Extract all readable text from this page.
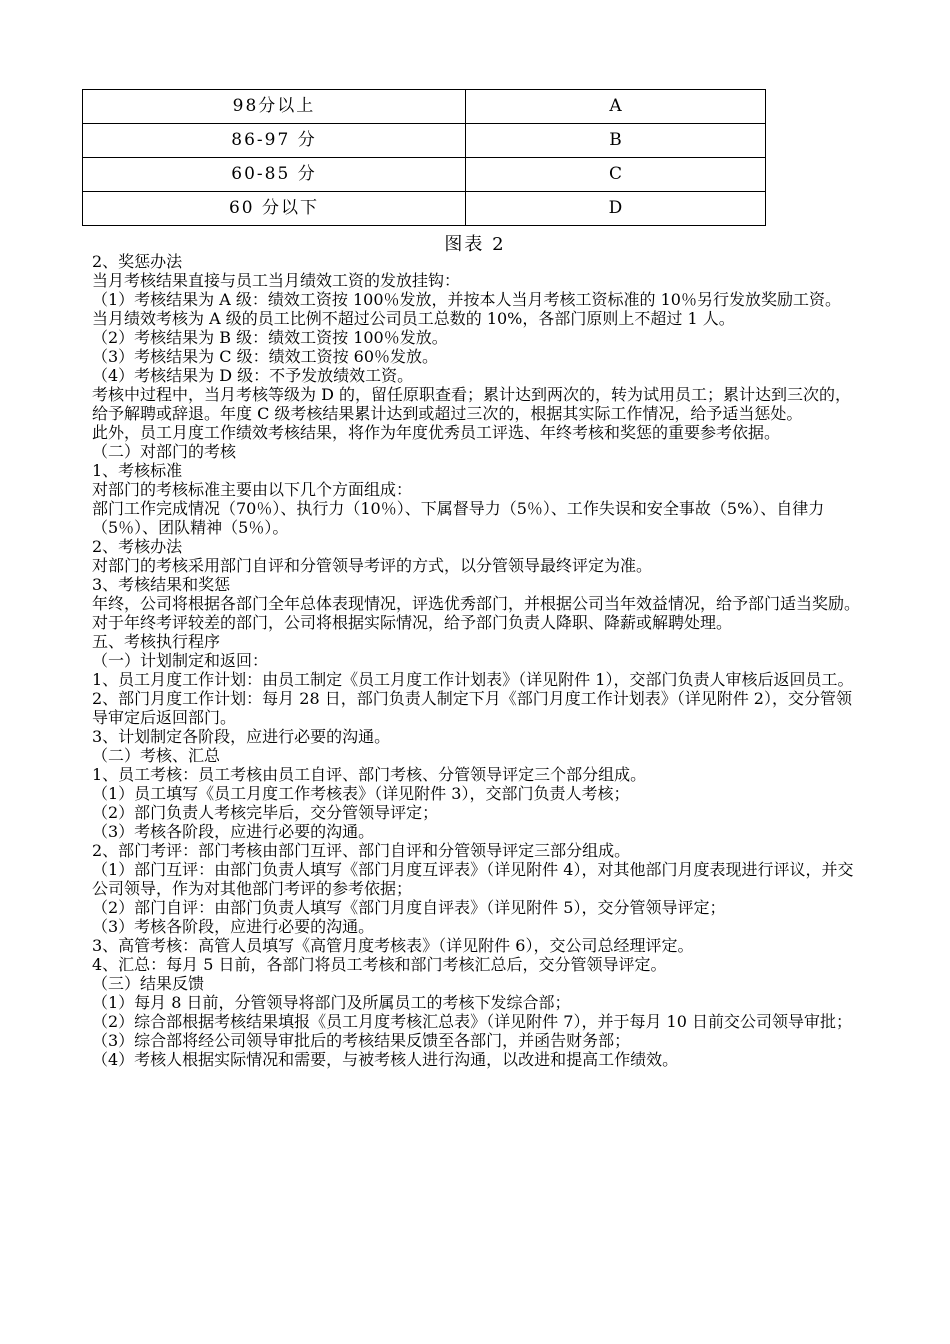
98分以上	A
86-97 分	B
60-85 分	C
60 分以下	D
图表 2

2、奖惩办法

当月考核结果直接与员工当月绩效工资的发放挂钩：

（1）考核结果为 A 级：绩效工资按 100％发放，并按本人当月考核工资标准的 10％另行发放奖励工资。

当月绩效考核为 A 级的员工比例不超过公司员工总数的 10%，各部门原则上不超过 1 人。

（2）考核结果为 B 级：绩效工资按 100％发放。

（3）考核结果为 C 级：绩效工资按 60％发放。

（4）考核结果为 D 级：不予发放绩效工资。

考核中过程中，当月考核等级为 D 的，留任原职查看；累计达到两次的，转为试用员工；累计达到三次的，给予解聘或辞退。年度 C 级考核结果累计达到或超过三次的，根据其实际工作情况，给予适当惩处。

此外，员工月度工作绩效考核结果，将作为年度优秀员工评选、年终考核和奖惩的重要参考依据。

（二）对部门的考核

1、考核标准

对部门的考核标准主要由以下几个方面组成：

部门工作完成情况（70％）、执行力（10％）、下属督导力（5％）、工作失误和安全事故（5%）、自律力（5％）、团队精神（5％）。

2、考核办法

对部门的考核采用部门自评和分管领导考评的方式，以分管领导最终评定为准。

3、考核结果和奖惩

年终，公司将根据各部门全年总体表现情况，评选优秀部门，并根据公司当年效益情况，给予部门适当奖励。

对于年终考评较差的部门，公司将根据实际情况，给予部门负责人降职、降薪或解聘处理。

五、考核执行程序

（一）计划制定和返回：

1、员工月度工作计划：由员工制定《员工月度工作计划表》（详见附件 1），交部门负责人审核后返回员工。

2、部门月度工作计划：每月 28 日，部门负责人制定下月《部门月度工作计划表》（详见附件 2），交分管领导审定后返回部门。

3、计划制定各阶段，应进行必要的沟通。

（二）考核、汇总

1、员工考核：员工考核由员工自评、部门考核、分管领导评定三个部分组成。

（1）员工填写《员工月度工作考核表》（详见附件 3），交部门负责人考核；

（2）部门负责人考核完毕后，交分管领导评定；

（3）考核各阶段，应进行必要的沟通。

2、部门考评：部门考核由部门互评、部门自评和分管领导评定三部分组成。

（1）部门互评：由部门负责人填写《部门月度互评表》（详见附件 4），对其他部门月度表现进行评议，并交公司领导，作为对其他部门考评的参考依据；

（2）部门自评：由部门负责人填写《部门月度自评表》（详见附件 5），交分管领导评定；

（3）考核各阶段，应进行必要的沟通。

3、高管考核：高管人员填写《高管月度考核表》（详见附件 6），交公司总经理评定。

4、汇总：每月 5 日前，各部门将员工考核和部门考核汇总后，交分管领导评定。

（三）结果反馈

（1）每月 8 日前，分管领导将部门及所属员工的考核下发综合部；

（2）综合部根据考核结果填报《员工月度考核汇总表》（详见附件 7），并于每月 10 日前交公司领导审批；

（3）综合部将经公司领导审批后的考核结果反馈至各部门，并函告财务部；

（4）考核人根据实际情况和需要，与被考核人进行沟通，以改进和提高工作绩效。
